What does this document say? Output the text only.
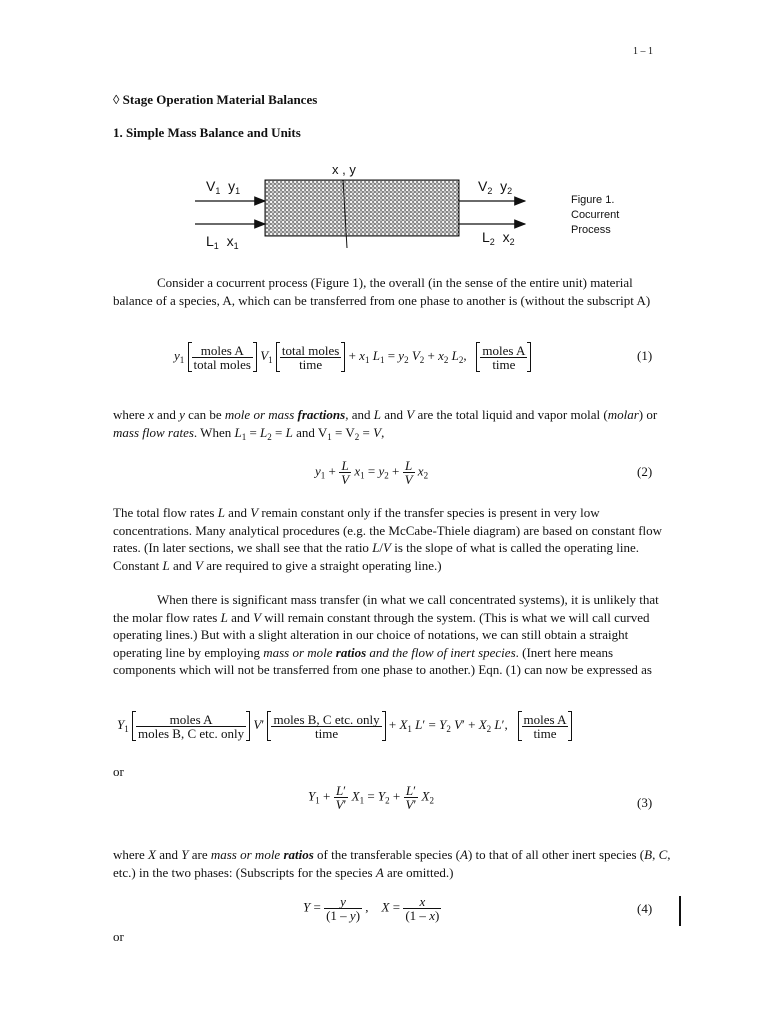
1 – 1
◊ Stage Operation Material Balances
1. Simple Mass Balance and Units
x , y
$V_1$ $y_1$	$V_2$ $y_2$
$L_1$ $x_1$
$L_2$ $x_2$
Figure 1.
Cocurrent
Process
Consider a cocurrent process (Figure 1), the overall (in the sense of the entire unit) material balance of a species, A, which can be transferred from one phase to another is (without the subscript A)
$y_1 \frac{\text{moles A}}{\text{total moles}} V_1 \frac{\text{total moles}}{\text{time}} + x_1$ $L_1 = y_2$ $V_2 + x_2$ $L_2$, $\frac{\text{moles A}}{\text{time}}$	(1)
where x and y can be mole or mass fractions, and L and V are the total liquid and vapor molal (molar) or mass flow rates. When $L_1 = L_2 = L$ and $V_1 = V_2 = V$,
$y_1 + \frac{L}{V} x_1 = y_2 + \frac{L}{V} x_2$	(2)
The total flow rates L and V remain constant only if the transfer species is present in very low concentrations. Many analytical procedures (e.g. the McCabe-Thiele diagram) are based on constant flow rates. (In later sections, we shall see that the ratio L/V is the slope of what is called the operating line. Constant L and V are required to give a straight operating line.)
When there is significant mass transfer (in what we call concentrated systems), it is unlikely that the molar flow rates L and V will remain constant through the system. (This is what we will call curved operating lines.) But with a slight alteration in our choice of notations, we can still obtain a straight operating line by employing mass or mole ratios and the flow of inert species. (Inert here means components which will not be transferred from one phase to another.) Eqn. (1) can now be expressed as
$Y_1 \frac{\text{moles A}}{\text{moles B, C etc. only}} V' \frac{\text{moles B, C etc. only}}{\text{time}} + X_1$ $L' = Y_2$ $V' + X_2$ L′, $\frac{\text{moles A}}{\text{time}}$
or
$Y_1 + \frac{L'}{V'} X_1 = Y_2 + \frac{L'}{V'} X_2$	(3)
where X and Y are mass or mole ratios of the transferable species (A) to that of all other inert species (B, C, etc.) in the two phases: (Subscripts for the species A are omitted.)
$Y = \frac{y}{(1 - y)}$ ,    $X = \frac{x}{(1 - x)}$	(4)
or
